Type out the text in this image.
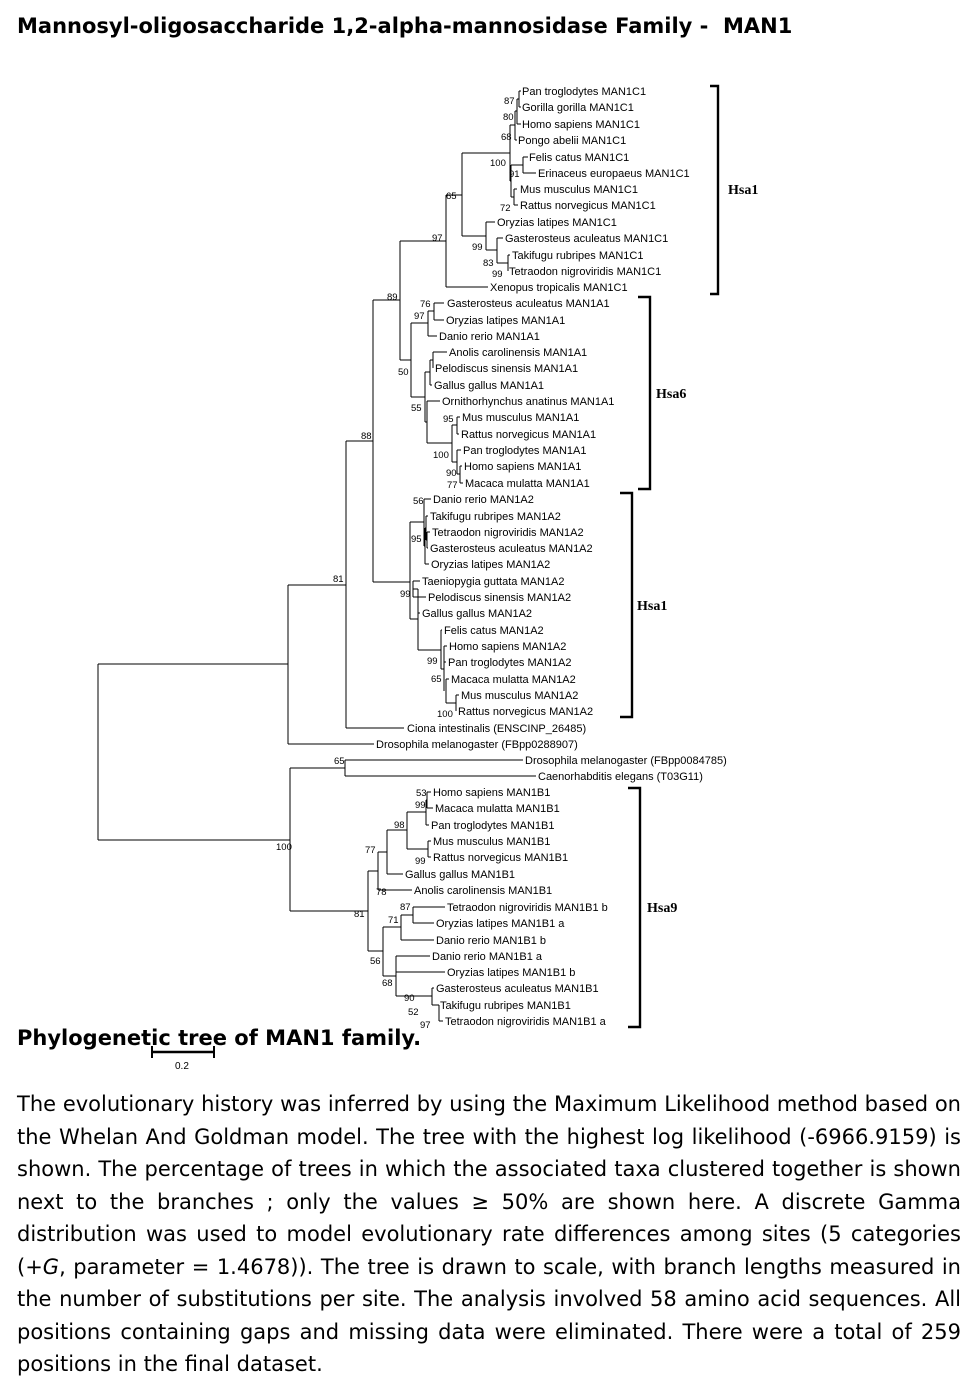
Mannosyl-oligosaccharide 1,2-alpha-mannosidase Family -  MAN1
Pan troglodytes MAN1C1
Gorilla gorilla MAN1C1
Homo sapiens MAN1C1
Pongo abelii MAN1C1
Felis catus MAN1C1
Erinaceus europaeus MAN1C1
Mus musculus MAN1C1
Rattus norvegicus MAN1C1
Oryzias latipes MAN1C1
Gasterosteus aculeatus MAN1C1
Takifugu rubripes MAN1C1
Tetraodon nigroviridis MAN1C1
Xenopus tropicalis MAN1C1
Gasterosteus aculeatus MAN1A1
Oryzias latipes MAN1A1
Danio rerio MAN1A1
Anolis carolinensis MAN1A1
Pelodiscus sinensis MAN1A1
Gallus gallus MAN1A1
Ornithorhynchus anatinus MAN1A1
Mus musculus MAN1A1
Rattus norvegicus MAN1A1
Pan troglodytes MAN1A1
Homo sapiens MAN1A1
Macaca mulatta MAN1A1
Danio rerio MAN1A2
Takifugu rubripes MAN1A2
Tetraodon nigroviridis MAN1A2
Gasterosteus aculeatus MAN1A2
Oryzias latipes MAN1A2
Taeniopygia guttata MAN1A2
Pelodiscus sinensis MAN1A2
Gallus gallus MAN1A2
Felis catus MAN1A2
Homo sapiens MAN1A2
Pan troglodytes MAN1A2
Macaca mulatta MAN1A2
Mus musculus MAN1A2
Rattus norvegicus MAN1A2
Ciona intestinalis (ENSCINP_26485)
Drosophila melanogaster (FBpp0288907)
Drosophila melanogaster (FBpp0084785)
Caenorhabditis elegans (T03G11)
Homo sapiens MAN1B1
Macaca mulatta MAN1B1
Pan troglodytes MAN1B1
Mus musculus MAN1B1
Rattus norvegicus MAN1B1
Gallus gallus MAN1B1
Anolis carolinensis MAN1B1
Tetraodon nigroviridis MAN1B1 b
Oryzias latipes MAN1B1 a
Danio rerio MAN1B1 b
Danio rerio MAN1B1 a
Oryzias latipes MAN1B1 b
Gasterosteus aculeatus MAN1B1
Takifugu rubripes MAN1B1
Tetraodon nigroviridis MAN1B1 a
87
80
68
100
91
72
65
97
99
83
99
89
76
97
50
55
95
100
90
77
88
56
95
99
99
65
100
81
65
100
53
99
98
77
99
78
87
71
81
56
68
90
52
97
Hsa1
Hsa6
Hsa1
Hsa9
0.2
Phylogenetic tree of MAN1 family.

The evolutionary history was inferred by using the Maximum Likelihood method based on the Whelan And Goldman model. The tree with the highest log likelihood (-6966.9159) is shown. The percentage of trees in which the associated taxa clustered together is shown next to the branches ; only the values ≥ 50% are shown here. A discrete Gamma distribution was used to model evolutionary rate differences among sites (5 categories (+G, parameter = 1.4678)). The tree is drawn to scale, with branch lengths measured in the number of substitutions per site. The analysis involved 58 amino acid sequences. All positions containing gaps and missing data were eliminated. There were a total of 259 positions in the final dataset.
